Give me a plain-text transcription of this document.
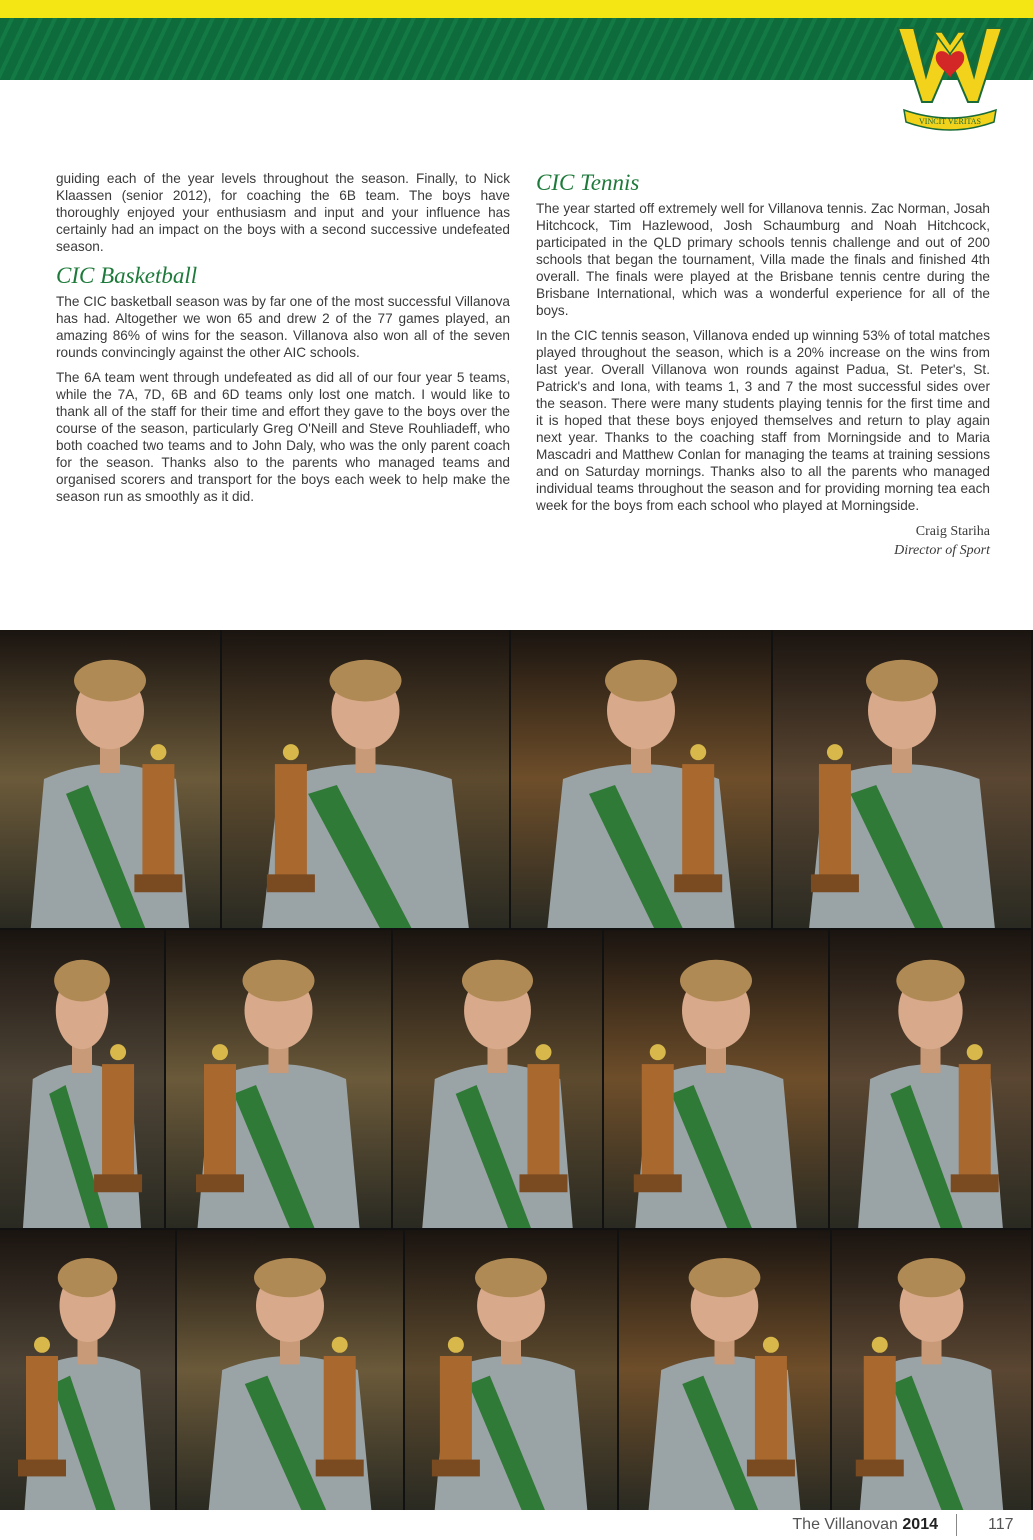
VINCIT VERITAS

guiding each of the year levels throughout the season. Finally, to Nick Klaassen (senior 2012), for coaching the 6B team. The boys have thoroughly enjoyed your enthusiasm and input and your influence has certainly had an impact on the boys with a second successive undefeated season.

CIC Basketball

The CIC basketball season was by far one of the most successful Villanova has had. Altogether we won 65 and drew 2 of the 77 games played, an amazing 86% of wins for the season. Villanova also won all of the seven rounds convincingly against the other AIC schools.

The 6A team went through undefeated as did all of our four year 5 teams, while the 7A, 7D, 6B and 6D teams only lost one match. I would like to thank all of the staff for their time and effort they gave to the boys over the course of the season, particularly Greg O'Neill and Steve Rouhliadeff, who both coached two teams and to John Daly, who was the only parent coach for the season. Thanks also to the parents who managed teams and organised scorers and transport for the boys each week to help make the season run as smoothly as it did.

CIC Tennis

The year started off extremely well for Villanova tennis. Zac Norman, Josah Hitchcock, Tim Hazlewood, Josh Schaumburg and Noah Hitchcock, participated in the QLD primary schools tennis challenge and out of 200 schools that began the tournament, Villa made the finals and finished 4th overall. The finals were played at the Brisbane tennis centre during the Brisbane International, which was a wonderful experience for all of the boys.

In the CIC tennis season, Villanova ended up winning 53% of total matches played throughout the season, which is a 20% increase on the wins from last year. Overall Villanova won rounds against Padua, St. Peter's, St. Patrick's and Iona, with teams 1, 3 and 7 the most successful sides over the season. There were many students playing tennis for the first time and it is hoped that these boys enjoyed themselves and return to play again next year. Thanks to the coaching staff from Morningside and to Maria Mascadri and Matthew Conlan for managing the teams at training sessions and on Saturday mornings. Thanks also to all the parents who managed individual teams throughout the season and for providing morning tea each week for the boys from each school who played at Morningside.

Craig Stariha
Director of Sport
The Villanovan 2014	117
